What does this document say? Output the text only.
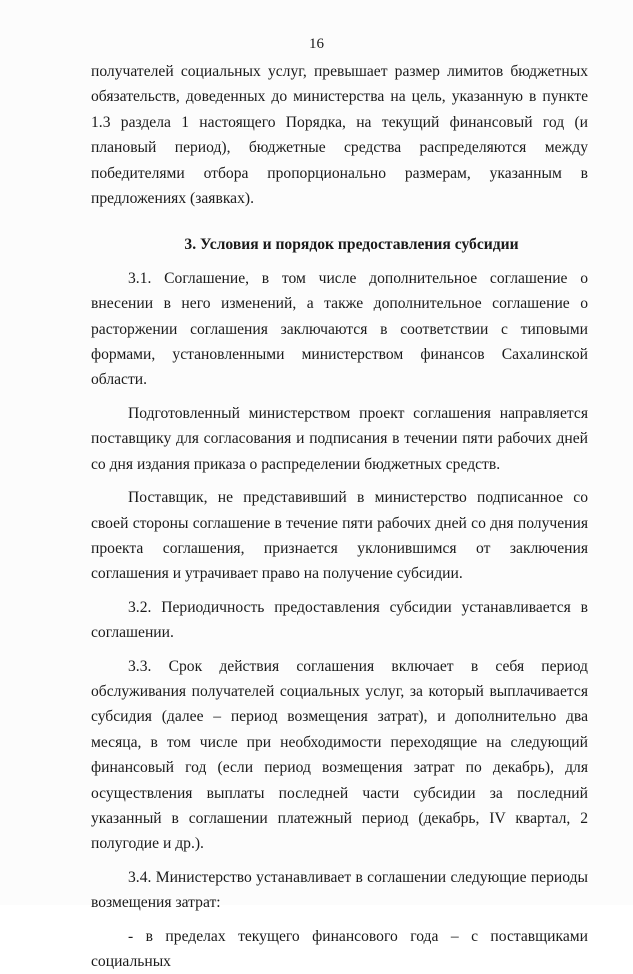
16

получателей социальных услуг, превышает размер лимитов бюджетных обязательств, доведенных до министерства на цель, указанную в пункте 1.3 раздела 1 настоящего Порядка, на текущий финансовый год (и плановый период), бюджетные средства распределяются между победителями отбора пропорционально размерам, указанным в предложениях (заявках).

3. Условия и порядок предоставления субсидии

3.1. Соглашение, в том числе дополнительное соглашение о внесении в него изменений, а также дополнительное соглашение о расторжении соглашения заключаются в соответствии с типовыми формами, установленными министерством финансов Сахалинской области.

Подготовленный министерством проект соглашения направляется поставщику для согласования и подписания в течении пяти рабочих дней со дня издания приказа о распределении бюджетных средств.

Поставщик, не представивший в министерство подписанное со своей стороны соглашение в течение пяти рабочих дней со дня получения проекта соглашения, признается уклонившимся от заключения соглашения и утрачивает право на получение субсидии.

3.2. Периодичность предоставления субсидии устанавливается в соглашении.

3.3. Срок действия соглашения включает в себя период обслуживания получателей социальных услуг, за который выплачивается субсидия (далее – период возмещения затрат), и дополнительно два месяца, в том числе при необходимости переходящие на следующий финансовый год (если период возмещения затрат по декабрь), для осуществления выплаты последней части субсидии за последний указанный в соглашении платежный период (декабрь, IV квартал, 2 полугодие и др.).

3.4. Министерство устанавливает в соглашении следующие периоды возмещения затрат:

- в пределах текущего финансового года – с поставщиками социальных
